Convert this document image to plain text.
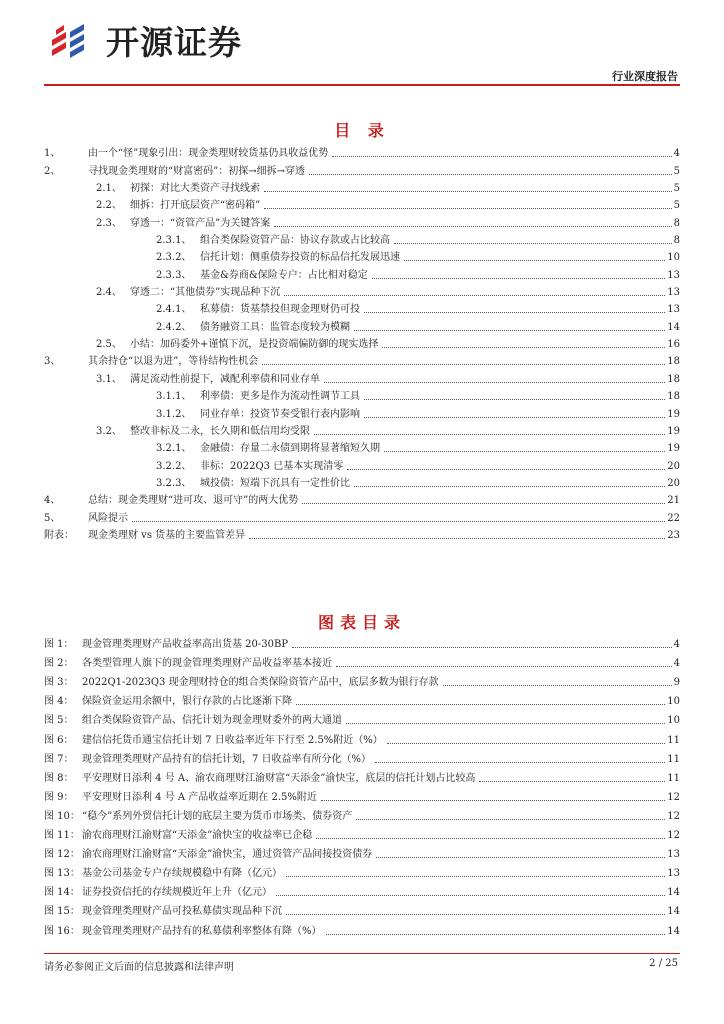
开源证券
行业深度报告
目 录
1、	由一个“怪”现象引出：现金类理财较货基仍具收益优势	4
2、	寻找现金类理财的“财富密码”：初探→细拆→穿透	5
2.1、 初探：对比大类资产寻找线索	5
2.2、 细拆：打开底层资产“密码箱”	5
2.3、 穿透一：“资管产品”为关键答案	8
2.3.1、 组合类保险资管产品：协议存款或占比较高	8
2.3.2、 信托计划：侧重债券投资的标品信托发展迅速	10
2.3.3、 基金&券商&保险专户：占比相对稳定	13
2.4、 穿透二：“其他债券”实现品种下沉	13
2.4.1、 私募债：货基禁投但现金理财仍可投	13
2.4.2、 债务融资工具：监管态度较为模糊	14
2.5、 小结：加码委外+谨慎下沉，是投资端偏防御的现实选择	16
3、	其余持仓“以退为进”，等待结构性机会	18
3.1、 满足流动性前提下，减配利率债和同业存单	18
3.1.1、 利率债：更多是作为流动性调节工具	18
3.1.2、 同业存单：投资节奏受银行表内影响	19
3.2、 整改非标及二永，长久期和低信用均受限	19
3.2.1、 金融债：存量二永债到期将显著缩短久期	19
3.2.2、 非标：2022Q3 已基本实现清零	20
3.2.3、 城投债：短端下沉具有一定性价比	20
4、	总结：现金类理财“进可攻、退可守”的两大优势	21
5、	风险提示	22
附表：	现金类理财 vs 货基的主要监管差异	23
图表目录
图 1： 现金管理类理财产品收益率高出货基 20-30BP	4
图 2： 各类型管理人旗下的现金管理类理财产品收益率基本接近	4
图 3： 2022Q1-2023Q3 现金理财持仓的组合类保险资管产品中，底层多数为银行存款	9
图 4： 保险资金运用余额中，银行存款的占比逐渐下降	10
图 5： 组合类保险资管产品、信托计划为现金理财委外的两大通道	10
图 6： 建信信托货币通宝信托计划 7 日收益率近年下行至 2.5%附近（%）	11
图 7： 现金管理类理财产品持有的信托计划，7 日收益率有所分化（%）	11
图 8： 平安理财日添利 4 号 A、渝农商理财江渝财富“天添金”渝快宝，底层的信托计划占比较高	11
图 9： 平安理财日添利 4 号 A 产品收益率近期在 2.5%附近	12
图 10： “稳今”系列外贸信托计划的底层主要为货币市场类、债券资产	12
图 11： 渝农商理财江渝财富“天添金”渝快宝的收益率已企稳	12
图 12： 渝农商理财江渝财富“天添金”渝快宝，通过资管产品间接投资债券	13
图 13： 基金公司基金专户存续规模稳中有降（亿元）	13
图 14： 证券投资信托的存续规模近年上升（亿元）	14
图 15： 现金管理类理财产品可投私募债实现品种下沉	14
图 16： 现金管理类理财产品持有的私募债利率整体有降（%）	14
请务必参阅正文后面的信息披露和法律声明	2 / 25
